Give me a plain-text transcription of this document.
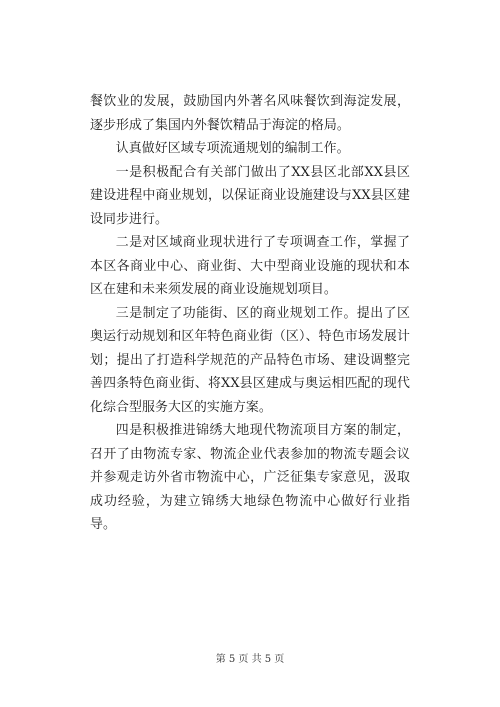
餐饮业的发展，鼓励国内外著名风味餐饮到海淀发展，逐步形成了集国内外餐饮精品于海淀的格局。

认真做好区域专项流通规划的编制工作。

一是积极配合有关部门做出了XX县区北部XX县区建设进程中商业规划，以保证商业设施建设与XX县区建设同步进行。

二是对区域商业现状进行了专项调查工作，掌握了本区各商业中心、商业街、大中型商业设施的现状和本区在建和未来须发展的商业设施规划项目。

三是制定了功能街、区的商业规划工作。提出了区奥运行动规划和区年特色商业街（区）、特色市场发展计划；提出了打造科学规范的产品特色市场、建设调整完善四条特色商业街、将XX县区建成与奥运相匹配的现代化综合型服务大区的实施方案。

四是积极推进锦绣大地现代物流项目方案的制定，召开了由物流专家、物流企业代表参加的物流专题会议并参观走访外省市物流中心，广泛征集专家意见，汲取成功经验，为建立锦绣大地绿色物流中心做好行业指导。

第 5 页 共 5 页
